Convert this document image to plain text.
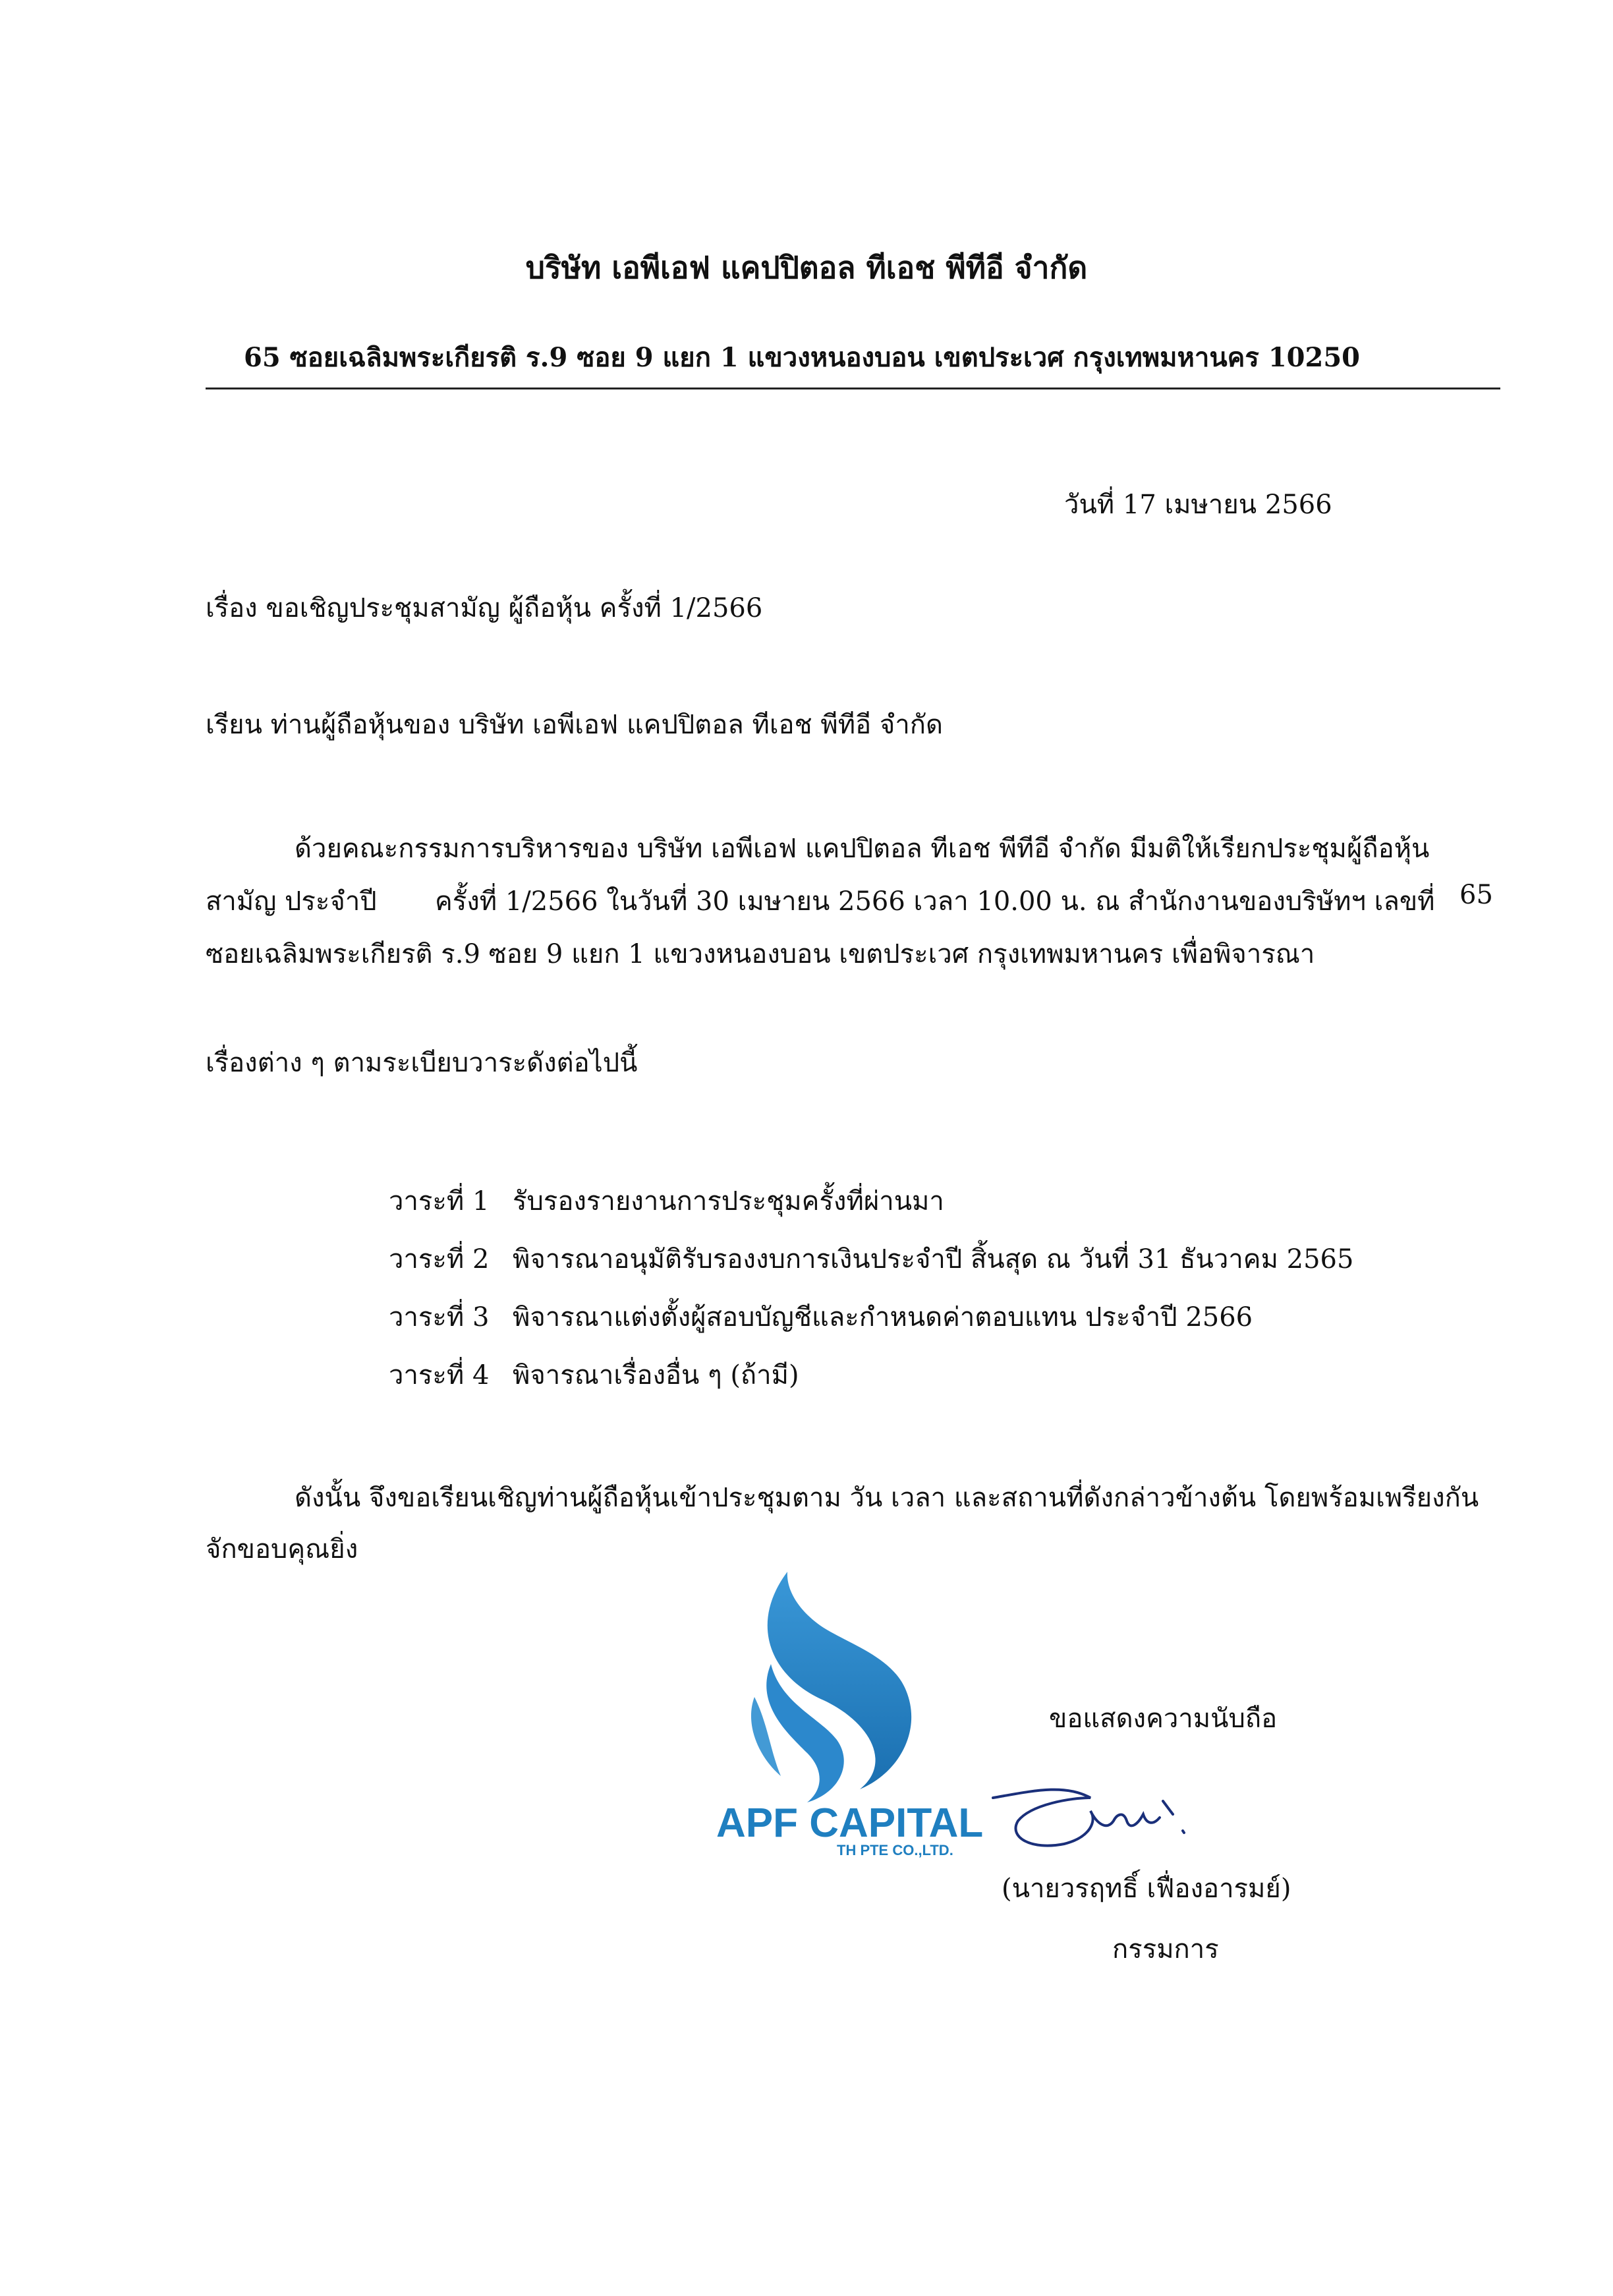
บริษัท เอพีเอฟ แคปปิตอล ทีเอช พีทีอี จำกัด
65 ซอยเฉลิมพระเกียรติ ร.9 ซอย 9 แยก 1 แขวงหนองบอน เขตประเวศ กรุงเทพมหานคร 10250
วันที่ 17 เมษายน 2566
เรื่อง ขอเชิญประชุมสามัญ ผู้ถือหุ้น ครั้งที่ 1/2566
เรียน ท่านผู้ถือหุ้นของ บริษัท เอพีเอฟ แคปปิตอล ทีเอช พีทีอี จำกัด
ด้วยคณะกรรมการบริหารของ บริษัท เอพีเอฟ แคปปิตอล ทีเอช พีทีอี จำกัด มีมติให้เรียกประชุมผู้ถือหุ้น
สามัญ ประจำปี ครั้งที่ 1/2566 ในวันที่ 30 เมษายน 2566 เวลา 10.00 น. ณ สำนักงานของบริษัทฯ เลขที่ 65
ซอยเฉลิมพระเกียรติ ร.9 ซอย 9 แยก 1 แขวงหนองบอน เขตประเวศ กรุงเทพมหานคร เพื่อพิจารณา
เรื่องต่าง ๆ ตามระเบียบวาระดังต่อไปนี้
วาระที่ 1 รับรองรายงานการประชุมครั้งที่ผ่านมา
วาระที่ 2 พิจารณาอนุมัติรับรองงบการเงินประจำปี สิ้นสุด ณ วันที่ 31 ธันวาคม 2565
วาระที่ 3 พิจารณาแต่งตั้งผู้สอบบัญชีและกำหนดค่าตอบแทน ประจำปี 2566
วาระที่ 4 พิจารณาเรื่องอื่น ๆ (ถ้ามี)
ดังนั้น จึงขอเรียนเชิญท่านผู้ถือหุ้นเข้าประชุมตาม วัน เวลา และสถานที่ดังกล่าวข้างต้น โดยพร้อมเพรียงกัน
จักขอบคุณยิ่ง
APF CAPITAL
TH PTE CO.,LTD.
ขอแสดงความนับถือ
(นายวรฤทธิ์ เฟื่องอารมย์)
กรรมการ
